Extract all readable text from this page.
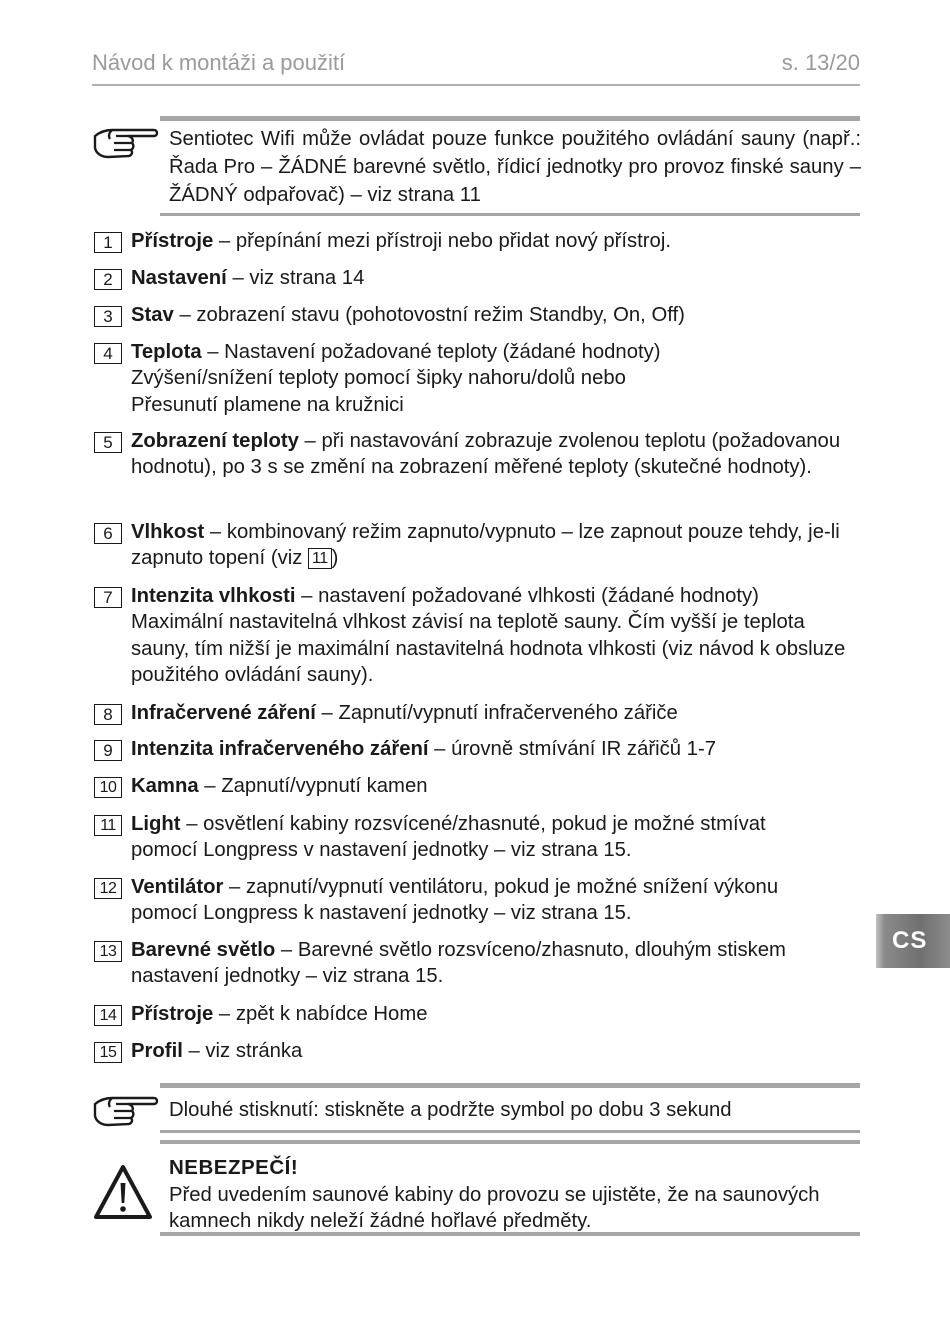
Návod k montáži a použití	s. 13/20
Sentiotec Wifi může ovládat pouze funkce použitého ovládání sauny (např.: Řada Pro – ŽÁDNÉ barevné světlo, řídicí jednotky pro provoz finské sauny – ŽÁDNÝ odpařovač) – viz strana 11
1 Přístroje – přepínání mezi přístroji nebo přidat nový přístroj.
2 Nastavení – viz strana 14
3 Stav – zobrazení stavu (pohotovostní režim Standby, On, Off)
4 Teplota – Nastavení požadované teploty (žádané hodnoty)
Zvýšení/snížení teploty pomocí šipky nahoru/dolů nebo
Přesunutí plamene na kružnici
5 Zobrazení teploty – při nastavování zobrazuje zvolenou teplotu (požadovanou hodnotu), po 3 s se změní na zobrazení měřené teploty (skutečné hodnoty).
6 Vlhkost – kombinovaný režim zapnuto/vypnuto – lze zapnout pouze tehdy, je-li zapnuto topení (viz 11 )
7 Intenzita vlhkosti – nastavení požadované vlhkosti (žádané hodnoty)
Maximální nastavitelná vlhkost závisí na teplotě sauny. Čím vyšší je teplota sauny, tím nižší je maximální nastavitelná hodnota vlhkosti (viz návod k obsluze použitého ovládání sauny).
8 Infračervené záření – Zapnutí/vypnutí infračerveného zářiče
9 Intenzita infračerveného záření – úrovně stmívání IR zářičů 1-7
10 Kamna – Zapnutí/vypnutí kamen
11 Light – osvětlení kabiny rozsvícené/zhasnuté, pokud je možné stmívat pomocí Longpress v nastavení jednotky – viz strana 15.
12 Ventilátor – zapnutí/vypnutí ventilátoru, pokud je možné snížení výkonu pomocí Longpress k nastavení jednotky – viz strana 15.
13 Barevné světlo – Barevné světlo rozsvíceno/zhasnuto, dlouhým stiskem nastavení jednotky – viz strana 15.
14 Přístroje – zpět k nabídce Home
15 Profil – viz stránka
Dlouhé stisknutí: stiskněte a podržte symbol po dobu 3 sekund
NEBEZPEČÍ!
Před uvedením saunové kabiny do provozu se ujistěte, že na saunových kamnech nikdy neleží žádné hořlavé předměty.
CS
